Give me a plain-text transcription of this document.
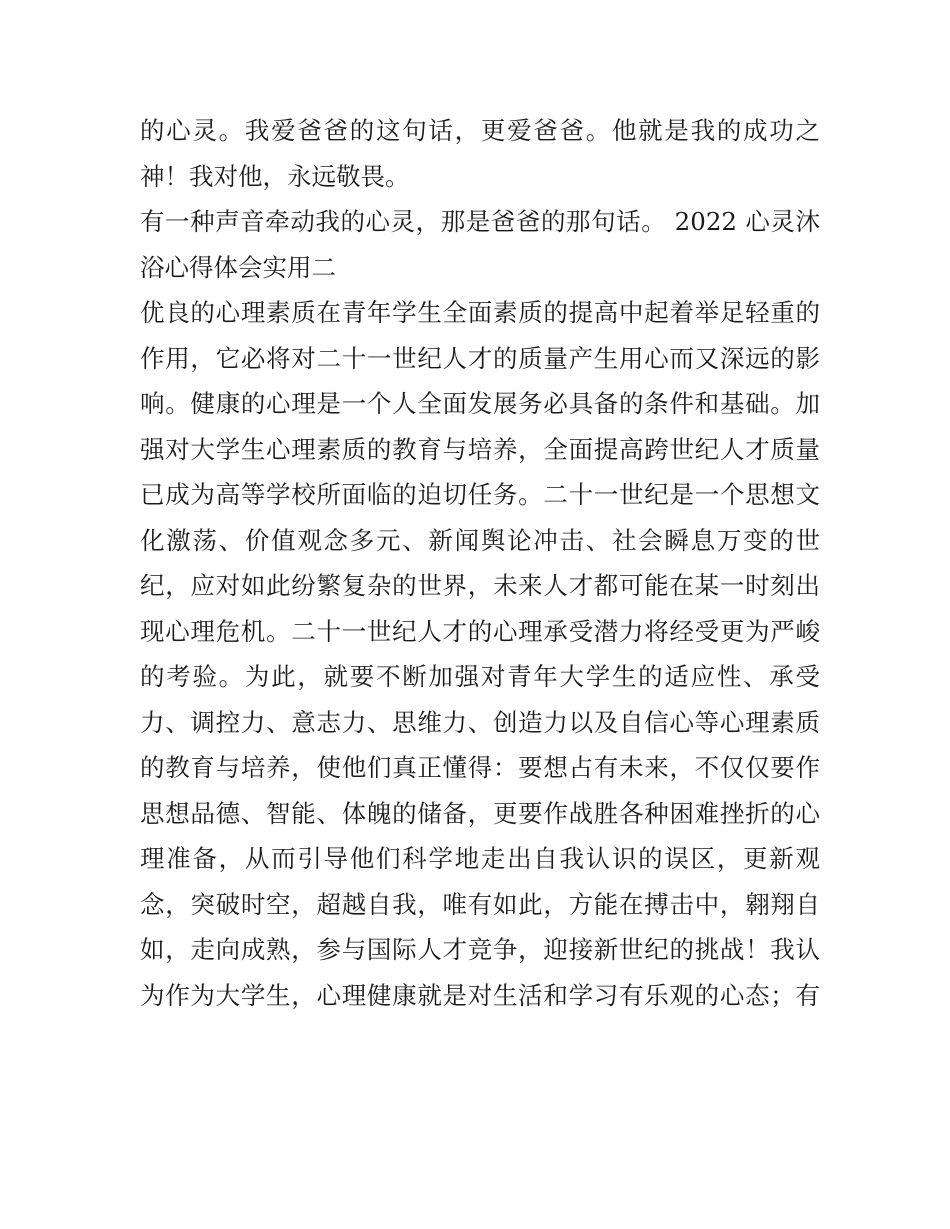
的心灵。我爱爸爸的这句话，更爱爸爸。他就是我的成功之
神！我对他，永远敬畏。
有一种声音牵动我的心灵，那是爸爸的那句话。 2022 心灵沐
浴心得体会实用二
优良的心理素质在青年学生全面素质的提高中起着举足轻重的
作用，它必将对二十一世纪人才的质量产生用心而又深远的影
响。健康的心理是一个人全面发展务必具备的条件和基础。加
强对大学生心理素质的教育与培养，全面提高跨世纪人才质量
已成为高等学校所面临的迫切任务。二十一世纪是一个思想文
化激荡、价值观念多元、新闻舆论冲击、社会瞬息万变的世
纪，应对如此纷繁复杂的世界，未来人才都可能在某一时刻出
现心理危机。二十一世纪人才的心理承受潜力将经受更为严峻
的考验。为此，就要不断加强对青年大学生的适应性、承受
力、调控力、意志力、思维力、创造力以及自信心等心理素质
的教育与培养，使他们真正懂得：要想占有未来，不仅仅要作
思想品德、智能、体魄的储备，更要作战胜各种困难挫折的心
理准备，从而引导他们科学地走出自我认识的误区，更新观
念，突破时空，超越自我，唯有如此，方能在搏击中，翱翔自
如，走向成熟，参与国际人才竞争，迎接新世纪的挑战！我认
为作为大学生，心理健康就是对生活和学习有乐观的心态；有
